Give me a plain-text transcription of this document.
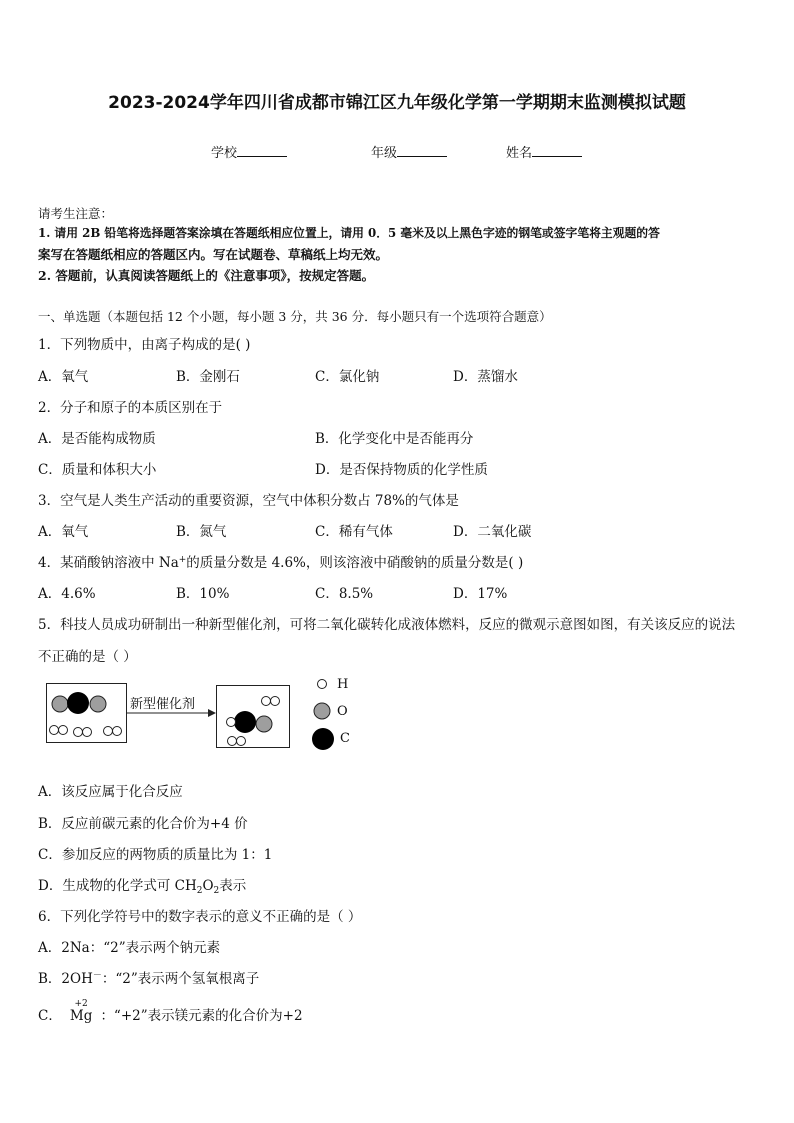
2023-2024学年四川省成都市锦江区九年级化学第一学期期末监测模拟试题
学校	年级	姓名
请考生注意：
1. 请用 2B 铅笔将选择题答案涂填在答题纸相应位置上，请用 0．5 毫米及以上黑色字迹的钢笔或签字笔将主观题的答
案写在答题纸相应的答题区内。写在试题卷、草稿纸上均无效。
2. 答题前，认真阅读答题纸上的《注意事项》，按规定答题。
一、单选题（本题包括 12 个小题，每小题 3 分，共 36 分．每小题只有一个选项符合题意）
1．下列物质中，由离子构成的是( )
A．氧气	B．金刚石	C．氯化钠	D．蒸馏水
2．分子和原子的本质区别在于
A．是否能构成物质	B．化学变化中是否能再分
C．质量和体积大小	D．是否保持物质的化学性质
3．空气是人类生产活动的重要资源，空气中体积分数占 78%的气体是
A．氧气	B．氮气	C．稀有气体	D．二氧化碳
4．某硝酸钠溶液中 Na+的质量分数是 4.6%，则该溶液中硝酸钠的质量分数是( )
A．4.6%	B．10%	C．8.5%	D．17%
5．科技人员成功研制出一种新型催化剂，可将二氧化碳转化成液体燃料，反应的微观示意图如图，有关该反应的说法
不正确的是（ ）
新型催化剂
H
O
C
A．该反应属于化合反应
B．反应前碳元素的化合价为+4 价
C．参加反应的两物质的质量比为 1：1
D．生成物的化学式可 $CH_2O_2$表示
6．下列化学符号中的数字表示的意义不正确的是（ ）
A．2Na：“2”表示两个钠元素
B．2OH－：“2”表示两个氢氧根离子
C．
+2
Mg ：“+2”表示镁元素的化合价为+2
